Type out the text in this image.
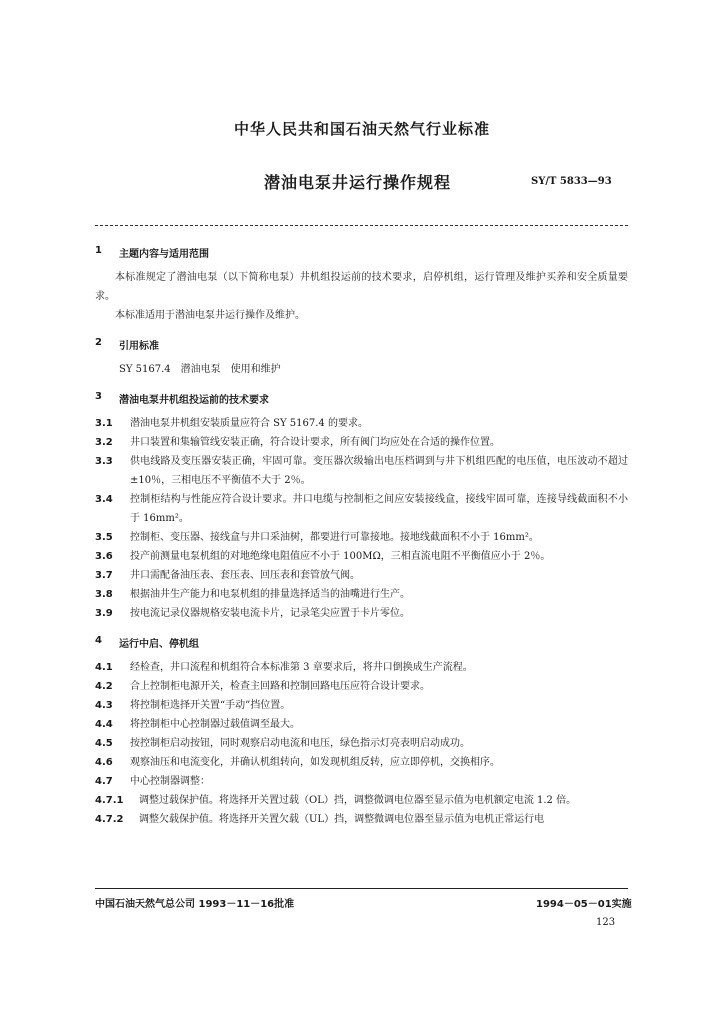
中华人民共和国石油天然气行业标准
潜油电泵井运行操作规程	SY/T 5833—93

1 主题内容与适用范围

本标准规定了潜油电泵（以下简称电泵）井机组投运前的技术要求，启停机组，运行管理及维护买养和安全质量要求。

本标准适用于潜油电泵井运行操作及维护。

2 引用标准

SY 5167.4　潜油电泵　使用和维护

3 潜油电泵井机组投运前的技术要求

3.1	潜油电泵井机组安装质量应符合 SY 5167.4 的要求。

3.2	井口装置和集输管线安装正确，符合设计要求，所有阀门均应处在合适的操作位置。

3.3	供电线路及变压器安装正确，牢固可靠。变压器次级输出电压档调到与井下机组匹配的电压值，电压波动不超过 ±10％，三相电压不平衡值不大于 2％。

3.4	控制柜结构与性能应符合设计要求。井口电缆与控制柜之间应安装接线盒，接线牢固可靠，连接导线截面积不小于 16mm²。

3.5	控制柜、变压器、接线盒与井口采油树，都要进行可靠接地。接地线截面积不小于 16mm²。

3.6	投产前测量电泵机组的对地绝缘电阻值应不小于 100MΩ，三相直流电阻不平衡值应小于 2％。

3.7	井口需配备油压表、套压表、回压表和套管放气阀。

3.8	根据油井生产能力和电泵机组的排量选择适当的油嘴进行生产。

3.9	按电流记录仪器规格安装电流卡片，记录笔尖应置于卡片零位。

4 运行中启、停机组

4.1	经检查，井口流程和机组符合本标准第 3 章要求后，将井口倒换成生产流程。

4.2	合上控制柜电源开关，检查主回路和控制回路电压应符合设计要求。

4.3	将控制柜选择开关置“手动”挡位置。

4.4	将控制柜中心控制器过载值调至最大。

4.5	按控制柜启动按钮，同时观察启动电流和电压，绿色指示灯亮表明启动成功。

4.6	观察油压和电流变化，并确认机组转向，如发现机组反转，应立即停机，交换相序。

4.7	中心控制器调整：

4.7.1	调整过载保护值。将选择开关置过载（OL）挡，调整微调电位器至显示值为电机额定电流 1.2 倍。

4.7.2	调整欠载保护值。将选择开关置欠载（UL）挡，调整微调电位器至显示值为电机正常运行电

中国石油天然气总公司 1993－11－16批准	1994－05－01实施
123
